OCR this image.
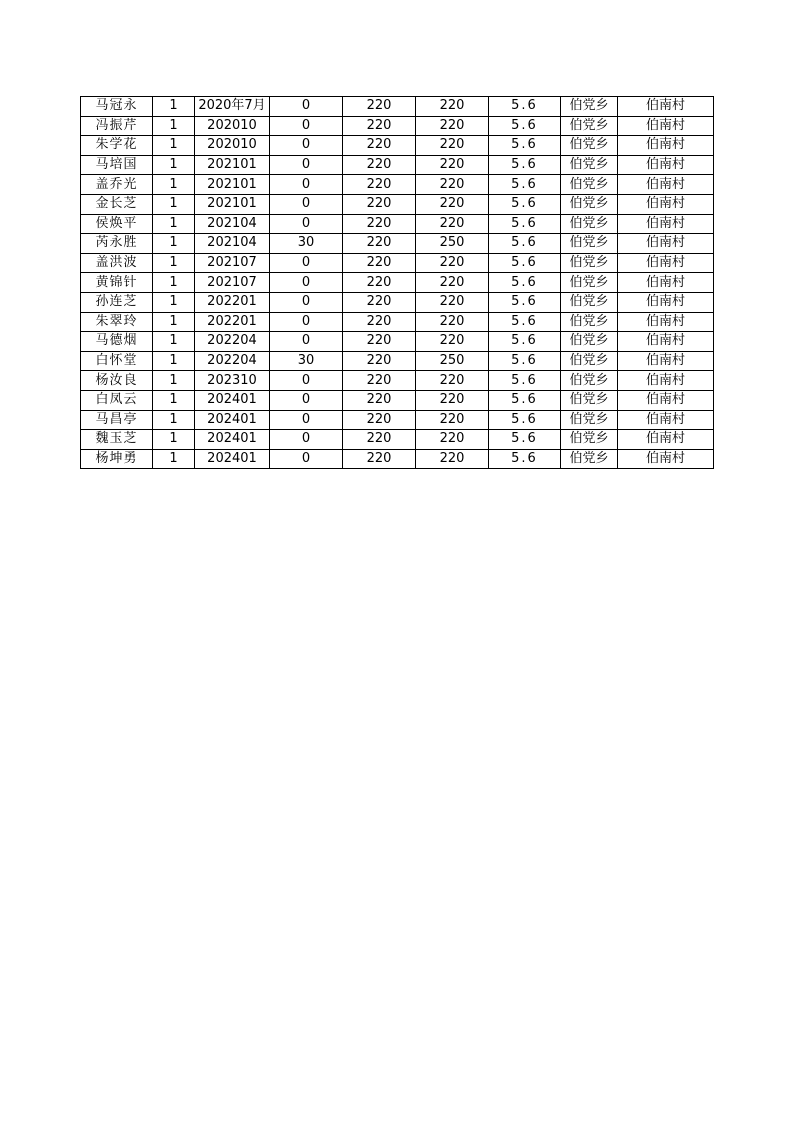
马冠永	1	2020年7月	0	220	220	5.6	伯党乡	伯南村
冯振芹	1	202010	0	220	220	5.6	伯党乡	伯南村
朱学花	1	202010	0	220	220	5.6	伯党乡	伯南村
马培国	1	202101	0	220	220	5.6	伯党乡	伯南村
盖乔光	1	202101	0	220	220	5.6	伯党乡	伯南村
金长芝	1	202101	0	220	220	5.6	伯党乡	伯南村
侯焕平	1	202104	0	220	220	5.6	伯党乡	伯南村
芮永胜	1	202104	30	220	250	5.6	伯党乡	伯南村
盖洪波	1	202107	0	220	220	5.6	伯党乡	伯南村
黄锦针	1	202107	0	220	220	5.6	伯党乡	伯南村
孙连芝	1	202201	0	220	220	5.6	伯党乡	伯南村
朱翠玲	1	202201	0	220	220	5.6	伯党乡	伯南村
马德烟	1	202204	0	220	220	5.6	伯党乡	伯南村
白怀堂	1	202204	30	220	250	5.6	伯党乡	伯南村
杨汝良	1	202310	0	220	220	5.6	伯党乡	伯南村
白凤云	1	202401	0	220	220	5.6	伯党乡	伯南村
马昌亭	1	202401	0	220	220	5.6	伯党乡	伯南村
魏玉芝	1	202401	0	220	220	5.6	伯党乡	伯南村
杨坤勇	1	202401	0	220	220	5.6	伯党乡	伯南村
